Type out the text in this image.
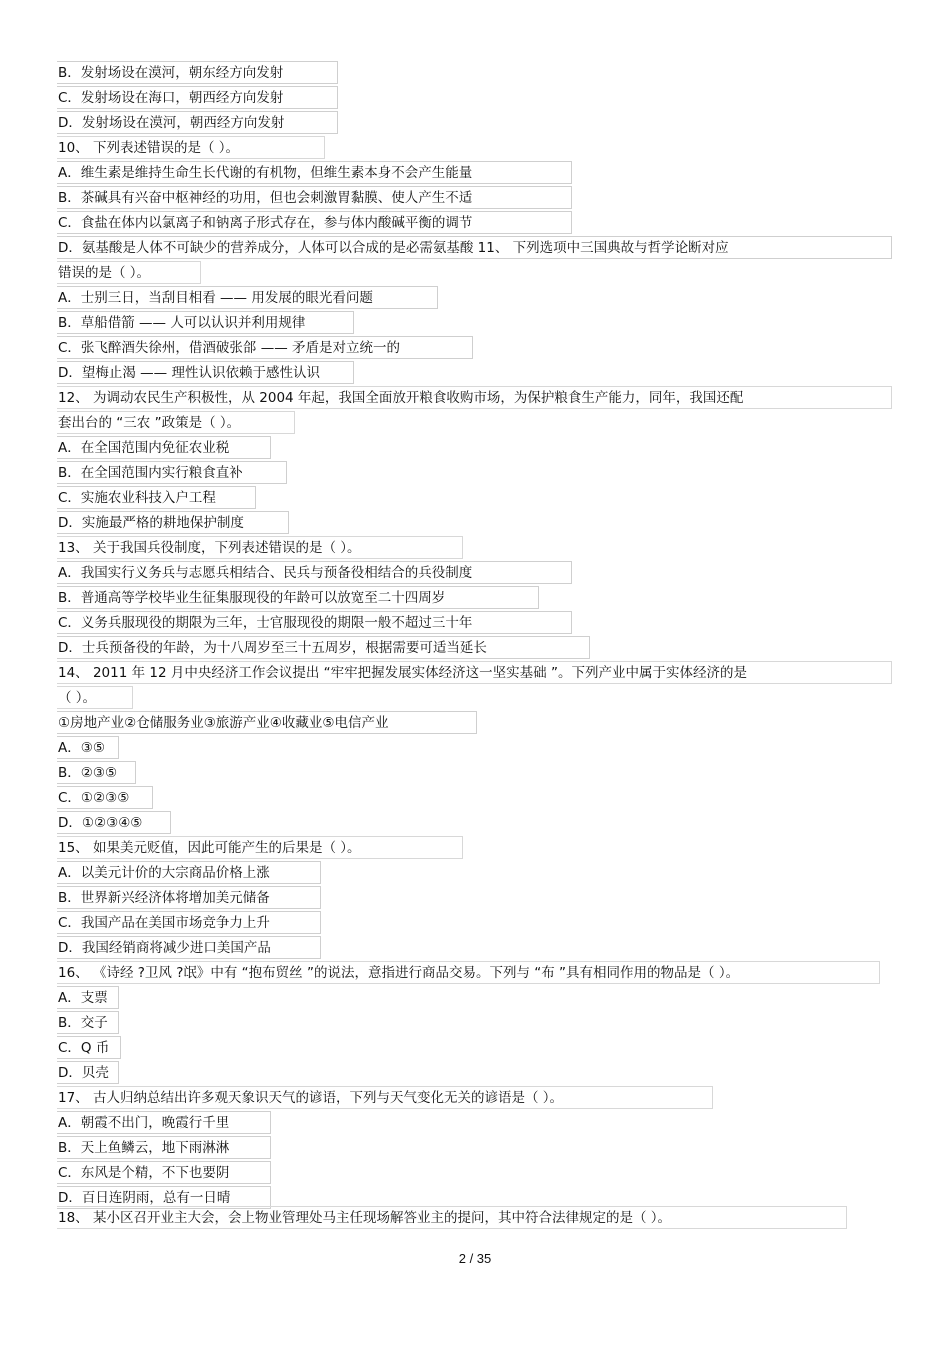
B．发射场设在漠河，朝东经方向发射
C．发射场设在海口，朝西经方向发射
D．发射场设在漠河，朝西经方向发射
10、 下列表述错误的是（ ）。
A．维生素是维持生命生长代谢的有机物，但维生素本身不会产生能量
B．茶碱具有兴奋中枢神经的功用，但也会刺激胃黏膜、使人产生不适
C．食盐在体内以氯离子和钠离子形式存在，参与体内酸碱平衡的调节
D．氨基酸是人体不可缺少的营养成分，人体可以合成的是必需氨基酸 11、 下列选项中三国典故与哲学论断对应
错误的是（ ）。
A．士别三日，当刮目相看 —— 用发展的眼光看问题
B．草船借箭 —— 人可以认识并利用规律
C．张飞醉酒失徐州，借酒破张郃 —— 矛盾是对立统一的
D．望梅止渴 —— 理性认识依赖于感性认识
12、 为调动农民生产积极性，从 2004 年起，我国全面放开粮食收购市场，为保护粮食生产能力，同年，我国还配
套出台的 “三农 ”政策是（ ）。
A．在全国范围内免征农业税
B．在全国范围内实行粮食直补
C．实施农业科技入户工程
D．实施最严格的耕地保护制度
13、 关于我国兵役制度，下列表述错误的是（ ）。
A．我国实行义务兵与志愿兵相结合、民兵与预备役相结合的兵役制度
B．普通高等学校毕业生征集服现役的年龄可以放宽至二十四周岁
C．义务兵服现役的期限为三年，士官服现役的期限一般不超过三十年
D．士兵预备役的年龄，为十八周岁至三十五周岁，根据需要可适当延长
14、 2011 年 12 月中央经济工作会议提出 “牢牢把握发展实体经济这一坚实基础 ”。下列产业中属于实体经济的是
（ ）。
①房地产业②仓储服务业③旅游产业④收藏业⑤电信产业
A．③⑤
B．②③⑤
C．①②③⑤
D．①②③④⑤
15、 如果美元贬值，因此可能产生的后果是（ ）。
A．以美元计价的大宗商品价格上涨
B．世界新兴经济体将增加美元储备
C．我国产品在美国市场竞争力上升
D．我国经销商将减少进口美国产品
16、 《诗经 ?卫风 ?氓》中有 “抱布贸丝 ”的说法，意指进行商品交易。下列与 “布 ”具有相同作用的物品是（ ）。
A．支票
B．交子
C．Q 币
D．贝壳
17、 古人归纳总结出许多观天象识天气的谚语，下列与天气变化无关的谚语是（ ）。
A．朝霞不出门，晚霞行千里
B．天上鱼鳞云，地下雨淋淋
C．东风是个精，不下也要阴
D．百日连阴雨，总有一日晴
18、 某小区召开业主大会，会上物业管理处马主任现场解答业主的提问，其中符合法律规定的是（ ）。
2 / 35
